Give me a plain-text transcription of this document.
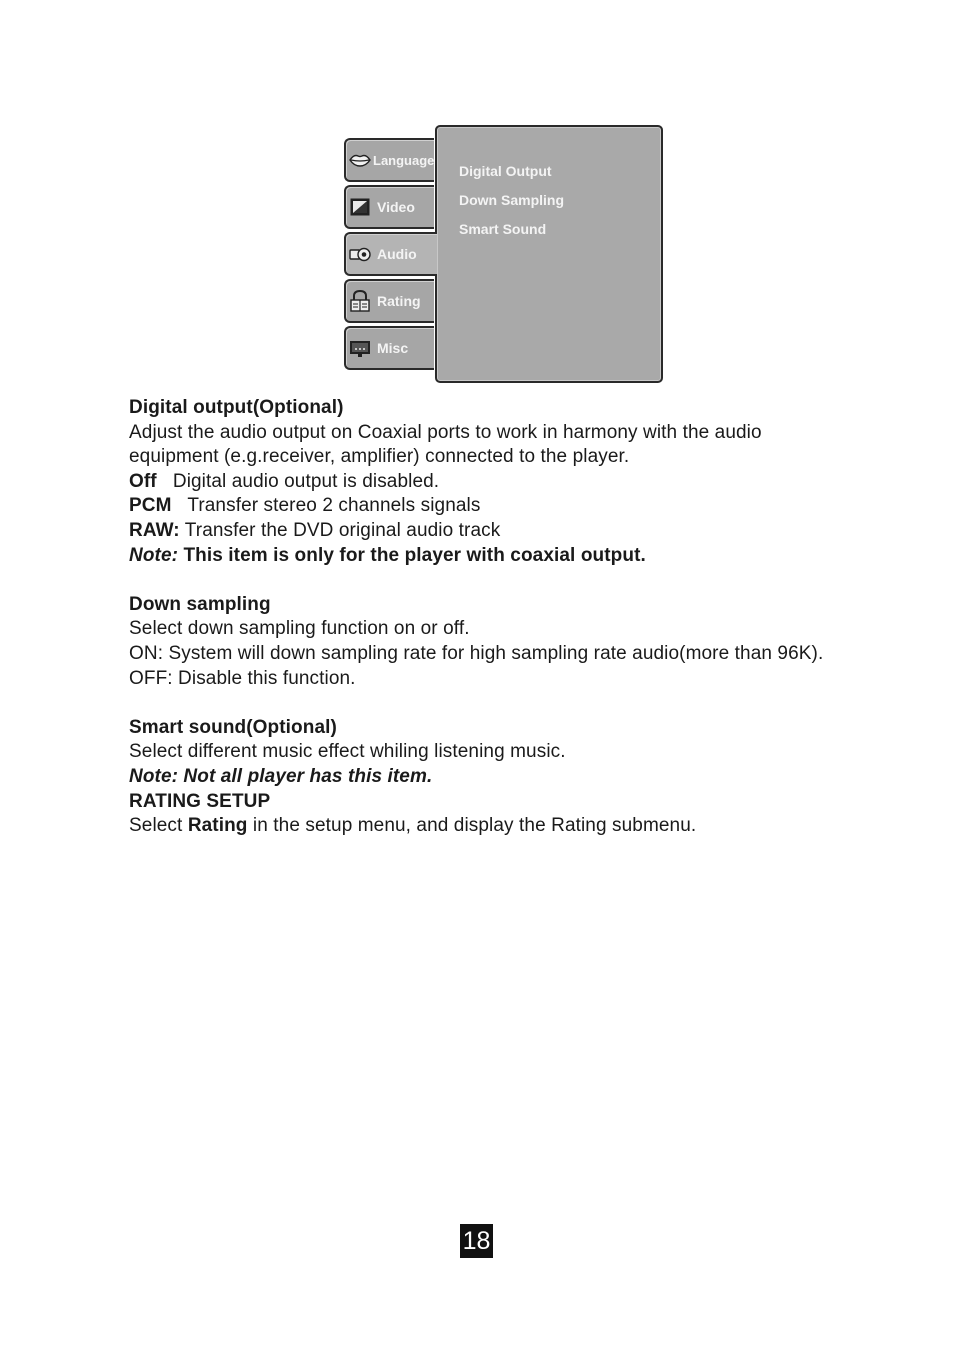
Digital Output
Down Sampling
Smart Sound
Language
Video
Audio
Rating
Misc

Digital output(Optional)

Adjust the audio output on Coaxial ports to work in harmony with the audio

equipment (e.g.receiver, amplifier) connected to the player.

Off Digital audio output is disabled.

PCM Transfer stereo 2 channels signals

RAW: Transfer the DVD original audio track

Note: This item is only for the player with coaxial output.

Down sampling

Select down sampling function on or off.

ON: System will down sampling rate for high sampling rate audio(more than 96K).

OFF: Disable this function.

Smart sound(Optional)

Select different music effect whiling listening music.

Note: Not all player has this item.

RATING SETUP

Select Rating in the setup menu, and display the Rating submenu.

18
